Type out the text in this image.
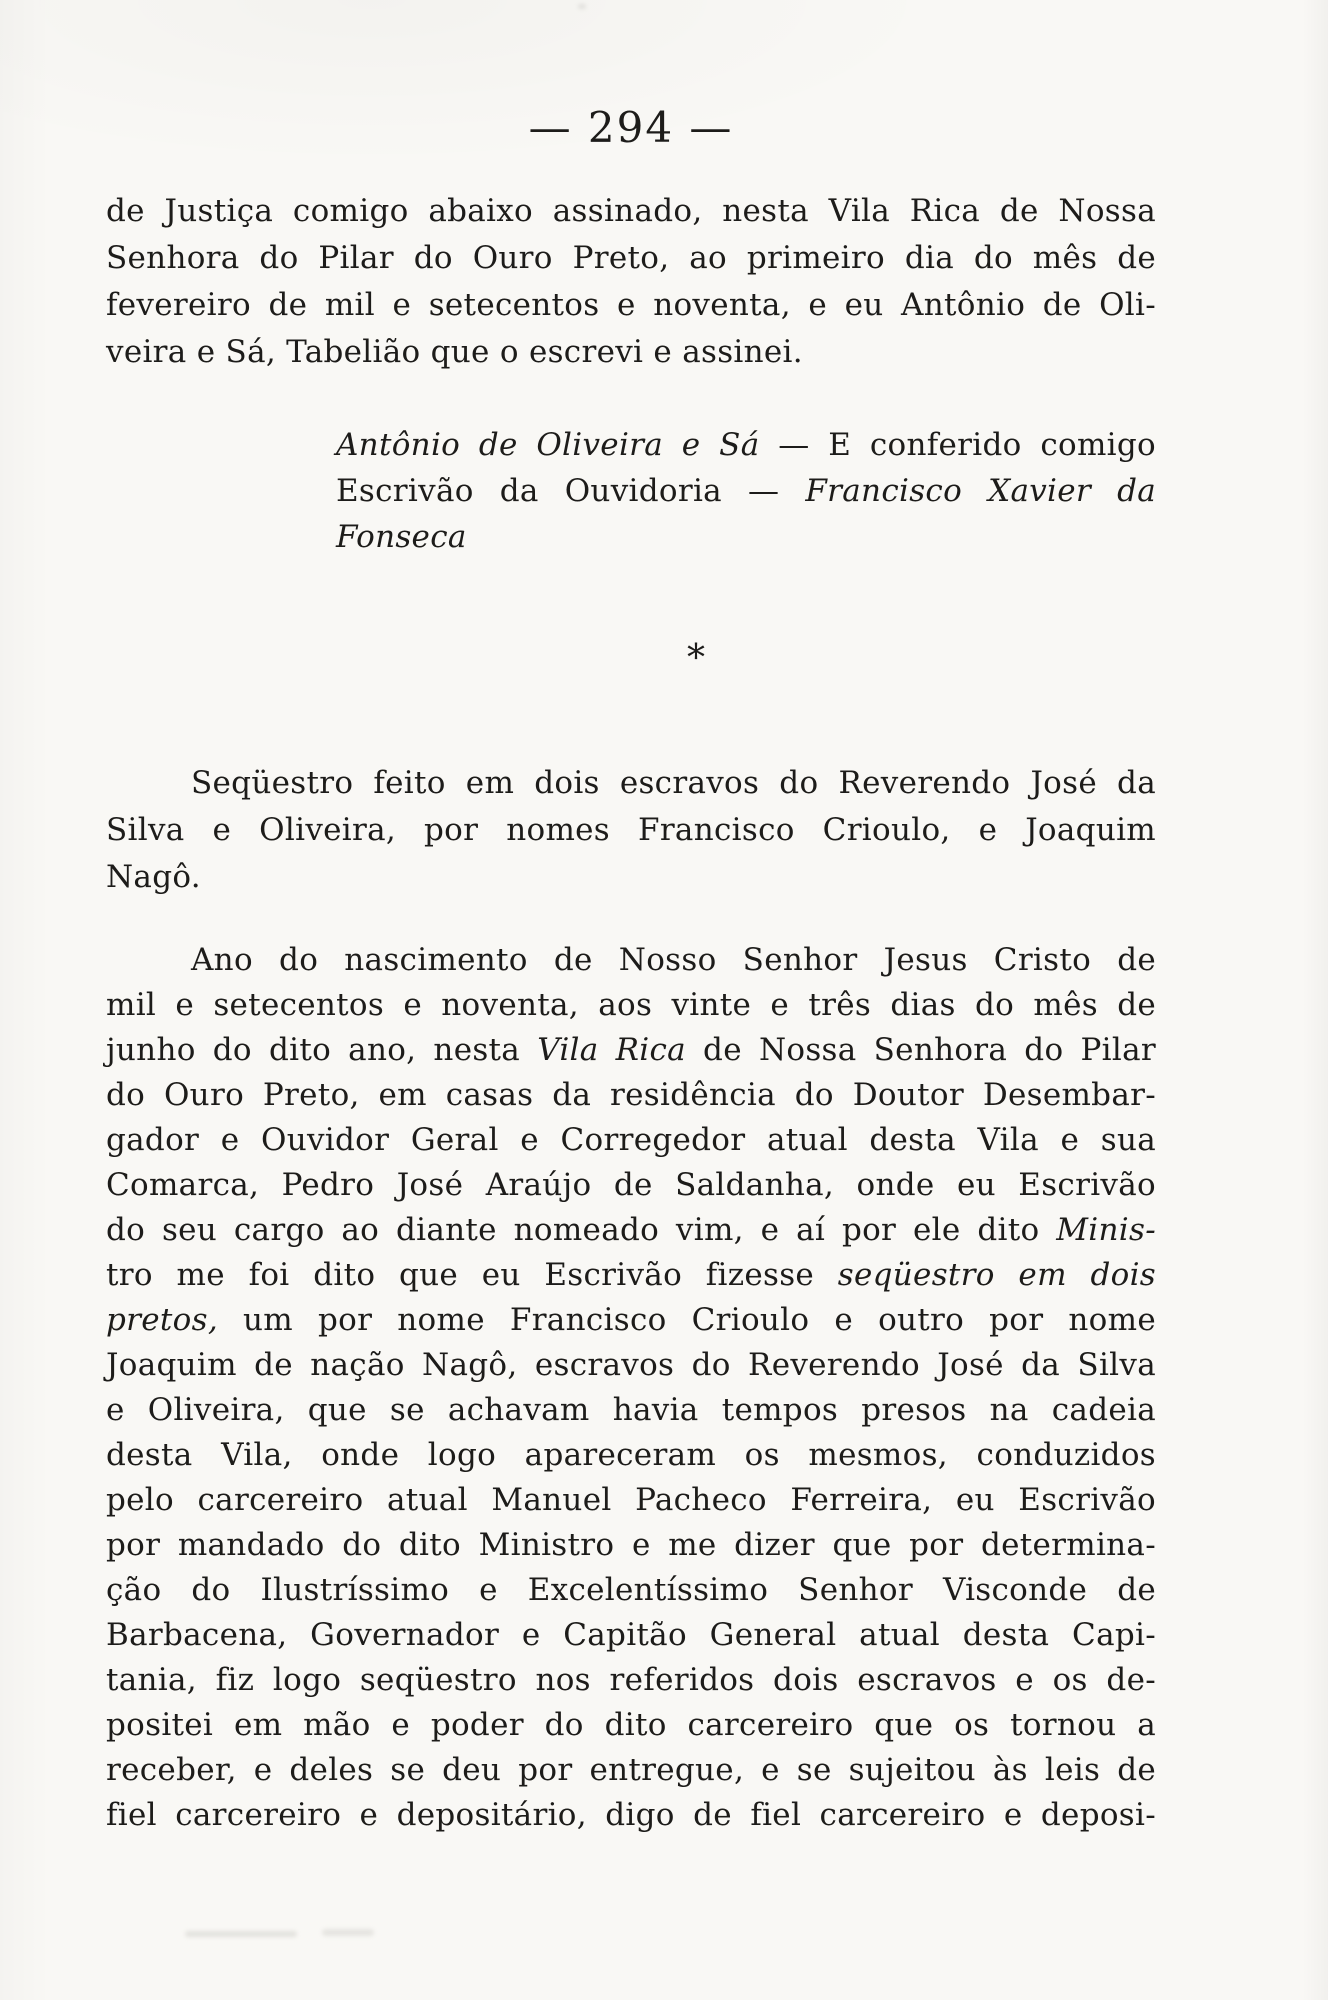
— 294 —
de Justiça comigo abaixo assinado, nesta Vila Rica de Nossa
Senhora do Pilar do Ouro Preto, ao primeiro dia do mês de
fevereiro de mil e setecentos e noventa, e eu Antônio de Oli-
veira e Sá, Tabelião que o escrevi e assinei.
Antônio de Oliveira e Sá — E conferido comigo
Escrivão da Ouvidoria — Francisco Xavier da
Fonseca
*
Seqüestro feito em dois escravos do Reverendo José da
Silva e Oliveira, por nomes Francisco Crioulo, e Joaquim
Nagô.
Ano do nascimento de Nosso Senhor Jesus Cristo de
mil e setecentos e noventa, aos vinte e três dias do mês de
junho do dito ano, nesta Vila Rica de Nossa Senhora do Pilar
do Ouro Preto, em casas da residência do Doutor Desembar-
gador e Ouvidor Geral e Corregedor atual desta Vila e sua
Comarca, Pedro José Araújo de Saldanha, onde eu Escrivão
do seu cargo ao diante nomeado vim, e aí por ele dito Minis-
tro me foi dito que eu Escrivão fizesse seqüestro em dois
pretos, um por nome Francisco Crioulo e outro por nome
Joaquim de nação Nagô, escravos do Reverendo José da Silva
e Oliveira, que se achavam havia tempos presos na cadeia
desta Vila, onde logo apareceram os mesmos, conduzidos
pelo carcereiro atual Manuel Pacheco Ferreira, eu Escrivão
por mandado do dito Ministro e me dizer que por determina-
ção do Ilustríssimo e Excelentíssimo Senhor Visconde de
Barbacena, Governador e Capitão General atual desta Capi-
tania, fiz logo seqüestro nos referidos dois escravos e os de-
positei em mão e poder do dito carcereiro que os tornou a
receber, e deles se deu por entregue, e se sujeitou às leis de
fiel carcereiro e depositário, digo de fiel carcereiro e deposi-
